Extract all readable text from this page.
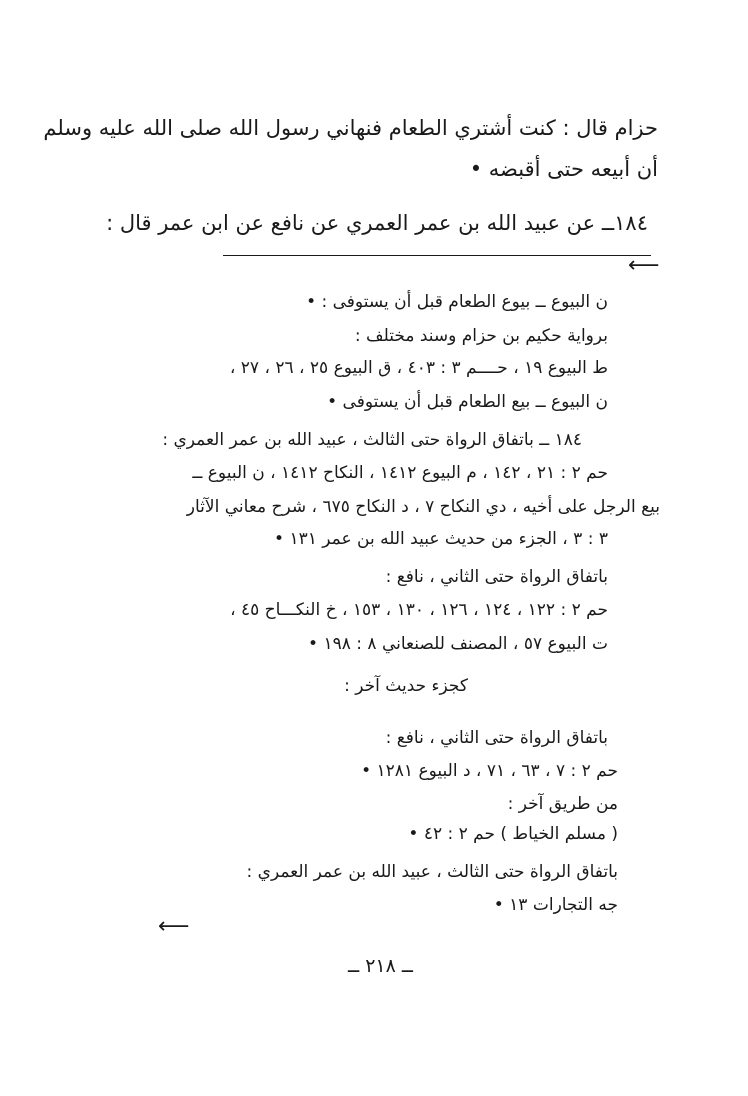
حزام قال : كنت أشتري الطعام فنهاني رسول الله صلى الله عليه وسلم
أن أبيعه حتى أقبضه •
١٨٤ــ عن عبيد الله بن عمر العمري عن نافع عن ابن عمر قال :
⟵
ن البيوع ــ بيوع الطعام قبل أن يستوفى : •
برواية حكيم بن حزام وسند مختلف :
ط البيوع ١٩ ، حــــم ٣ : ٤٠٣ ، ق البيوع ٢٥ ، ٢٦ ، ٢٧ ،
ن البيوع ــ بيع الطعام قبل أن يستوفى •
١٨٤ ــ باتفاق الرواة حتى الثالث ، عبيد الله بن عمر العمري :
حم ٢ : ٢١ ، ١٤٢ ، م البيوع ١٤١٢ ، النكاح ١٤١٢ ، ن البيوع ــ
بيع الرجل على أخيه ، دي النكاح ٧ ، د النكاح ٦٧٥ ، شرح معاني الآثار
٣ : ٣ ، الجزء من حديث عبيد الله بن عمر ١٣١ •
باتفاق الرواة حتى الثاني ، نافع :
حم ٢ : ١٢٢ ، ١٢٤ ، ١٢٦ ، ١٣٠ ، ١٥٣ ، خ النكـــاح ٤٥ ،
ت البيوع ٥٧ ، المصنف للصنعاني ٨ : ١٩٨ •
كجزء حديث آخر :
باتفاق الرواة حتى الثاني ، نافع :
حم ٢ : ٧ ، ٦٣ ، ٧١ ، د البيوع ١٢٨١ •
من طريق آخر :
( مسلم الخياط ) حم ٢ : ٤٢ •
باتفاق الرواة حتى الثالث ، عبيد الله بن عمر العمري :
جه التجارات ١٣ •
⟵
ــ ٢١٨ ــ
